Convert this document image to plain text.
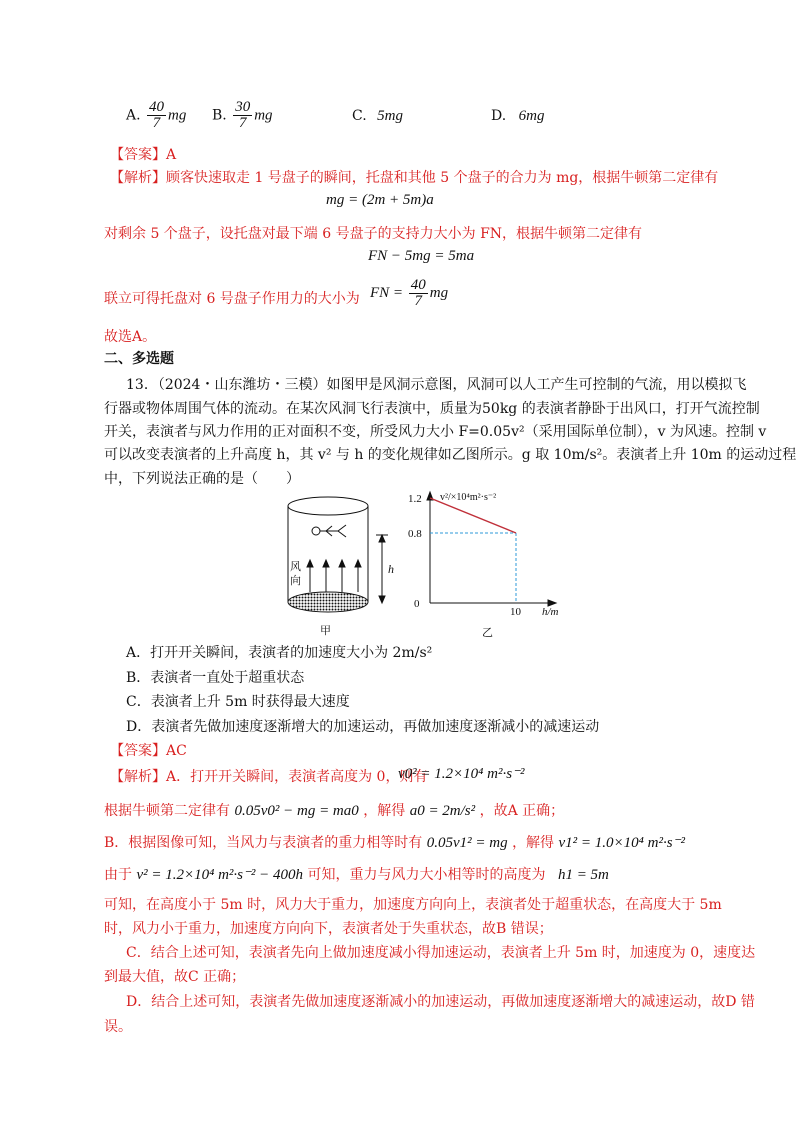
A. $\frac{40}{7}$ mg B. $\frac{30}{7}$ mg	C. 5mg	D. 6mg
【答案】A
【解析】顾客快速取走 1 号盘子的瞬间，托盘和其他 5 个盘子的合力为 mg，根据牛顿第二定律有
mg = (2m + 5m)a
对剩余 5 个盘子，设托盘对最下端 6 号盘子的支持力大小为 FN，根据牛顿第二定律有
FN − 5mg = 5ma
联立可得托盘对 6 号盘子作用力的大小为 FN = $\frac{40}{7}$ mg
故选A。
二、多选题
13．（2024・山东潍坊・三模）如图甲是风洞示意图，风洞可以人工产生可控制的气流，用以模拟飞
行器或物体周围气体的流动。在某次风洞飞行表演中，质量为50kg 的表演者静卧于出风口，打开气流控制
开关，表演者与风力作用的正对面积不变，所受风力大小 F=0.05v²（采用国际单位制），v 为风速。控制 v
可以改变表演者的上升高度 h，其 v² 与 h 的变化规律如乙图所示。g 取 10m/s²。表演者上升 10m 的运动过程
中，下列说法正确的是（　　）
h
风
向
甲
v²/×10⁴m²·s⁻²
h/m
0
1.2
0.8
10
乙
A．打开开关瞬间，表演者的加速度大小为 2m/s²
B．表演者一直处于超重状态
C．表演者上升 5m 时获得最大速度
D．表演者先做加速度逐渐增大的加速运动，再做加速度逐渐减小的减速运动
【答案】AC
【解析】A．打开开关瞬间，表演者高度为 0，则有
v0² = 1.2×10⁴ m²·s⁻²
根据牛顿第二定律有 0.05v0² − mg = ma0 ，解得 a0 = 2m/s² ，故A 正确；
B．根据图像可知，当风力与表演者的重力相等时有 0.05v1² = mg ，解得 v1² = 1.0×10⁴ m²·s⁻²
由于 v² = 1.2×10⁴ m²·s⁻² − 400h 可知，重力与风力大小相等时的高度为 h1 = 5m
可知，在高度小于 5m 时，风力大于重力，加速度方向向上，表演者处于超重状态，在高度大于 5m
时，风力小于重力，加速度方向向下，表演者处于失重状态，故B 错误；
C．结合上述可知，表演者先向上做加速度减小得加速运动，表演者上升 5m 时，加速度为 0，速度达
到最大值，故C 正确；
D．结合上述可知，表演者先做加速度逐渐减小的加速运动，再做加速度逐渐增大的减速运动，故D 错
误。
